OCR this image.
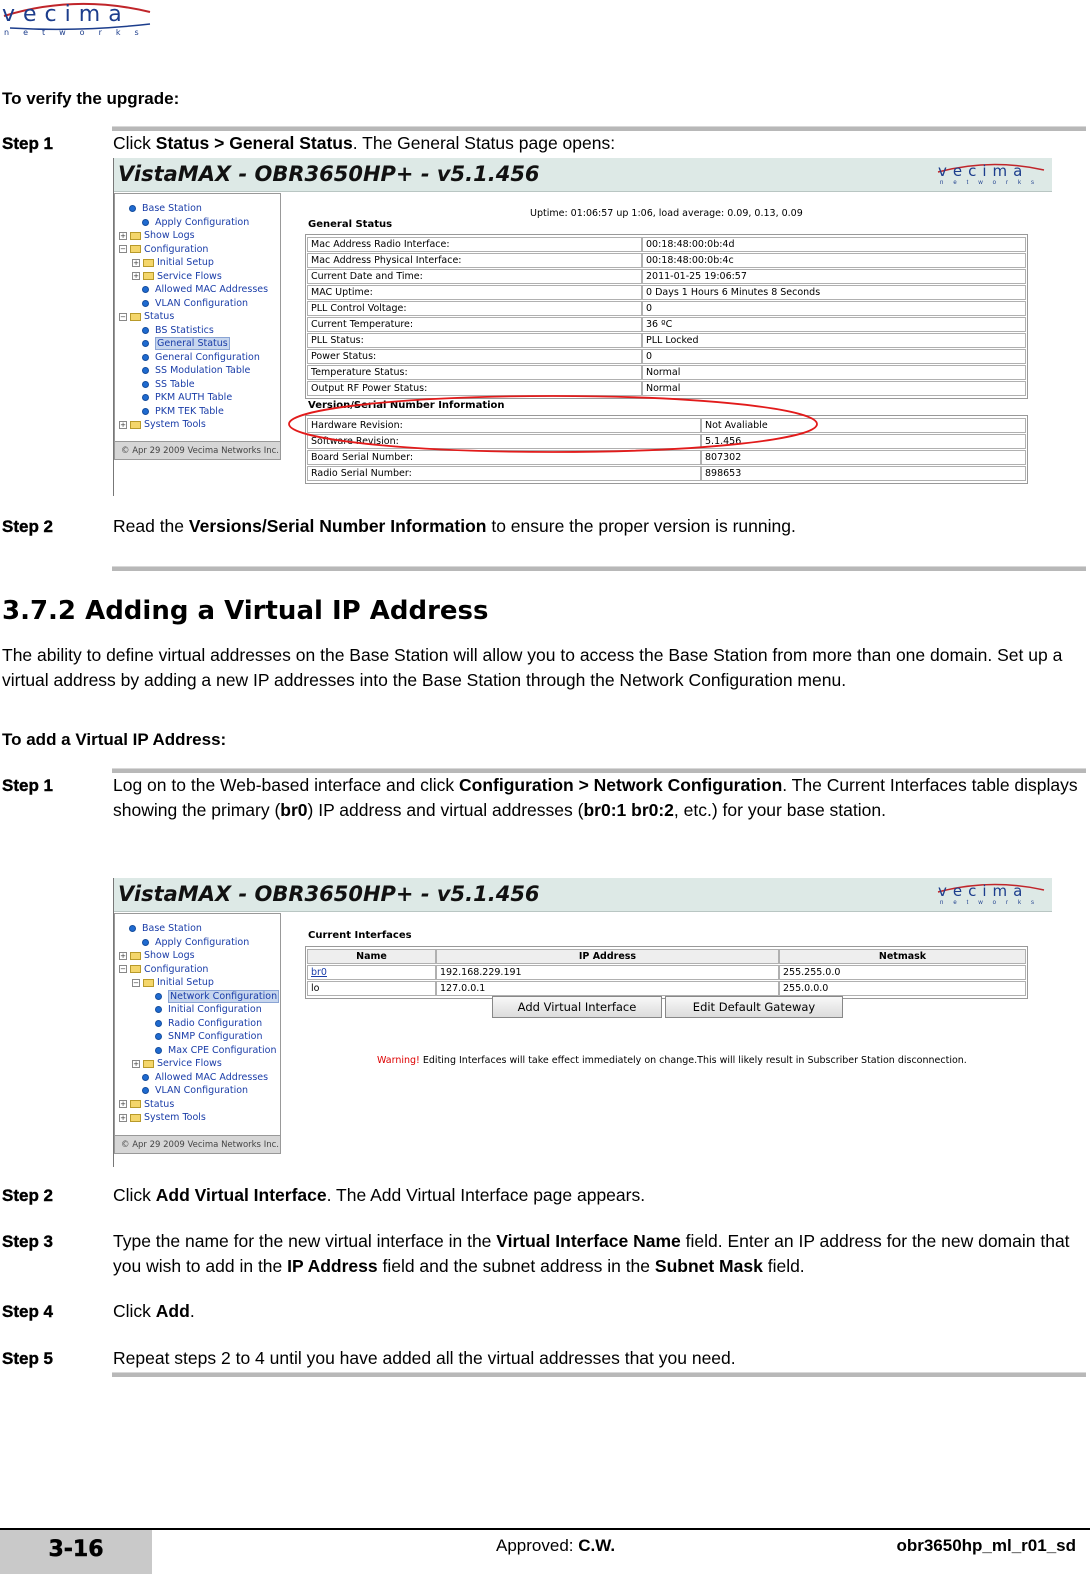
vecima
networks
To verify the upgrade:
Step 1	Click Status > General Status. The General Status page opens:
VistaMAX - OBR3650HP+ - v5.1.456	vecima
networks
Base Station
Apply Configuration
+ Show Logs
− Configuration
+ Initial Setup
+ Service Flows
Allowed MAC Addresses
VLAN Configuration
− Status
BS Statistics
General Status
General Configuration
SS Modulation Table
SS Table
PKM AUTH Table
PKM TEK Table
+ System Tools
© Apr 29 2009 Vecima Networks Inc.
Uptime: 01:06:57 up 1:06, load average: 0.09, 0.13, 0.09
General Status
Mac Address Radio Interface:	00:18:48:00:0b:4d
Mac Address Physical Interface:	00:18:48:00:0b:4c
Current Date and Time:	2011-01-25 19:06:57
MAC Uptime:	0 Days 1 Hours 6 Minutes 8 Seconds
PLL Control Voltage:	0
Current Temperature:	36 ºC
PLL Status:	PLL Locked
Power Status:	0
Temperature Status:	Normal
Output RF Power Status:	Normal
Version/Serial Number Information
Hardware Revision:	Not Avaliable
Software Revision:	5.1.456
Board Serial Number:	807302
Radio Serial Number:	898653
Step 2	Read the Versions/Serial Number Information to ensure the proper version is running.
3.7.2 Adding a Virtual IP Address
The ability to define virtual addresses on the Base Station will allow you to access the Base Station from more than one domain. Set up a virtual address by adding a new IP addresses into the Base Station through the Network Configuration menu.
To add a Virtual IP Address:
Step 1	Log on to the Web-based interface and click Configuration > Network Configuration. The Current Interfaces table displays showing the primary (br0) IP address and virtual addresses (br0:1 br0:2, etc.) for your base station.
VistaMAX - OBR3650HP+ - v5.1.456	vecima
networks
Base Station
Apply Configuration
+ Show Logs
− Configuration
− Initial Setup
Network Configuration
Initial Configuration
Radio Configuration
SNMP Configuration
Max CPE Configuration
+ Service Flows
Allowed MAC Addresses
VLAN Configuration
+ Status
+ System Tools
© Apr 29 2009 Vecima Networks Inc.
Current Interfaces
Name	IP Address	Netmask
br0	192.168.229.191	255.255.0.0
lo	127.0.0.1	255.0.0.0
Add Virtual Interface	Edit Default Gateway
Warning! Editing Interfaces will take effect immediately on change.This will likely result in Subscriber Station disconnection.
Step 2	Click Add Virtual Interface. The Add Virtual Interface page appears.
Step 3	Type the name for the new virtual interface in the Virtual Interface Name field. Enter an IP address for the new domain that you wish to add in the IP Address field and the subnet address in the Subnet Mask field.
Step 4	Click Add.
Step 5	Repeat steps 2 to 4 until you have added all the virtual addresses that you need.
3-16	Approved: C.W.	obr3650hp_ml_r01_sd
